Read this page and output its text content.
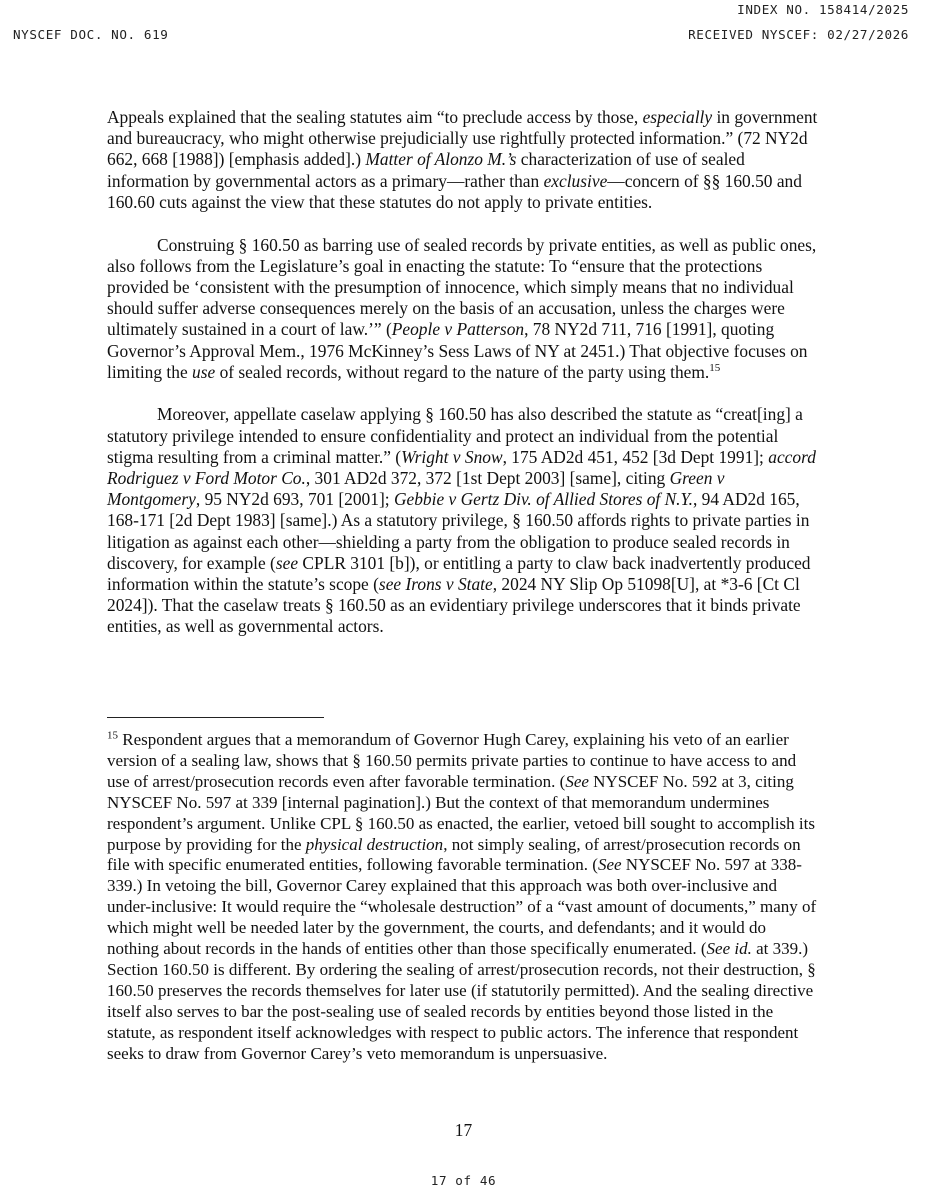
INDEX NO. 158414/2025
NYSCEF DOC. NO. 619	RECEIVED NYSCEF: 02/27/2026

Appeals explained that the sealing statutes aim “to preclude access by those, especially in government and bureaucracy, who might otherwise prejudicially use rightfully protected information.” (72 NY2d 662, 668 [1988]) [emphasis added].) Matter of Alonzo M.’s characterization of use of sealed information by governmental actors as a primary—rather than exclusive—concern of §§ 160.50 and 160.60 cuts against the view that these statutes do not apply to private entities.

Construing § 160.50 as barring use of sealed records by private entities, as well as public ones, also follows from the Legislature’s goal in enacting the statute: To “ensure that the protections provided be ‘consistent with the presumption of innocence, which simply means that no individual should suffer adverse consequences merely on the basis of an accusation, unless the charges were ultimately sustained in a court of law.’” (People v Patterson, 78 NY2d 711, 716 [1991], quoting Governor’s Approval Mem., 1976 McKinney’s Sess Laws of NY at 2451.) That objective focuses on limiting the use of sealed records, without regard to the nature of the party using them.$^{15}$

Moreover, appellate caselaw applying § 160.50 has also described the statute as “creat[ing] a statutory privilege intended to ensure confidentiality and protect an individual from the potential stigma resulting from a criminal matter.” (Wright v Snow, 175 AD2d 451, 452 [3d Dept 1991]; accord Rodriguez v Ford Motor Co., 301 AD2d 372, 372 [1st Dept 2003] [same], citing Green v Montgomery, 95 NY2d 693, 701 [2001]; Gebbie v Gertz Div. of Allied Stores of N.Y., 94 AD2d 165, 168-171 [2d Dept 1983] [same].) As a statutory privilege, § 160.50 affords rights to private parties in litigation as against each other—shielding a party from the obligation to produce sealed records in discovery, for example (see CPLR 3101 [b]), or entitling a party to claw back inadvertently produced information within the statute’s scope (see Irons v State, 2024 NY Slip Op 51098[U], at *3-6 [Ct Cl 2024]). That the caselaw treats § 160.50 as an evidentiary privilege underscores that it binds private entities, as well as governmental actors.

$^{15}$ Respondent argues that a memorandum of Governor Hugh Carey, explaining his veto of an earlier version of a sealing law, shows that § 160.50 permits private parties to continue to have access to and use of arrest/prosecution records even after favorable termination. (See NYSCEF No. 592 at 3, citing NYSCEF No. 597 at 339 [internal pagination].) But the context of that memorandum undermines respondent’s argument. Unlike CPL § 160.50 as enacted, the earlier, vetoed bill sought to accomplish its purpose by providing for the physical destruction, not simply sealing, of arrest/prosecution records on file with specific enumerated entities, following favorable termination. (See NYSCEF No. 597 at 338-339.) In vetoing the bill, Governor Carey explained that this approach was both over-inclusive and under-inclusive: It would require the “wholesale destruction” of a “vast amount of documents,” many of which might well be needed later by the government, the courts, and defendants; and it would do nothing about records in the hands of entities other than those specifically enumerated. (See id. at 339.) Section 160.50 is different. By ordering the sealing of arrest/prosecution records, not their destruction, § 160.50 preserves the records themselves for later use (if statutorily permitted). And the sealing directive itself also serves to bar the post-sealing use of sealed records by entities beyond those listed in the statute, as respondent itself acknowledges with respect to public actors. The inference that respondent seeks to draw from Governor Carey’s veto memorandum is unpersuasive.

17
17 of 46
